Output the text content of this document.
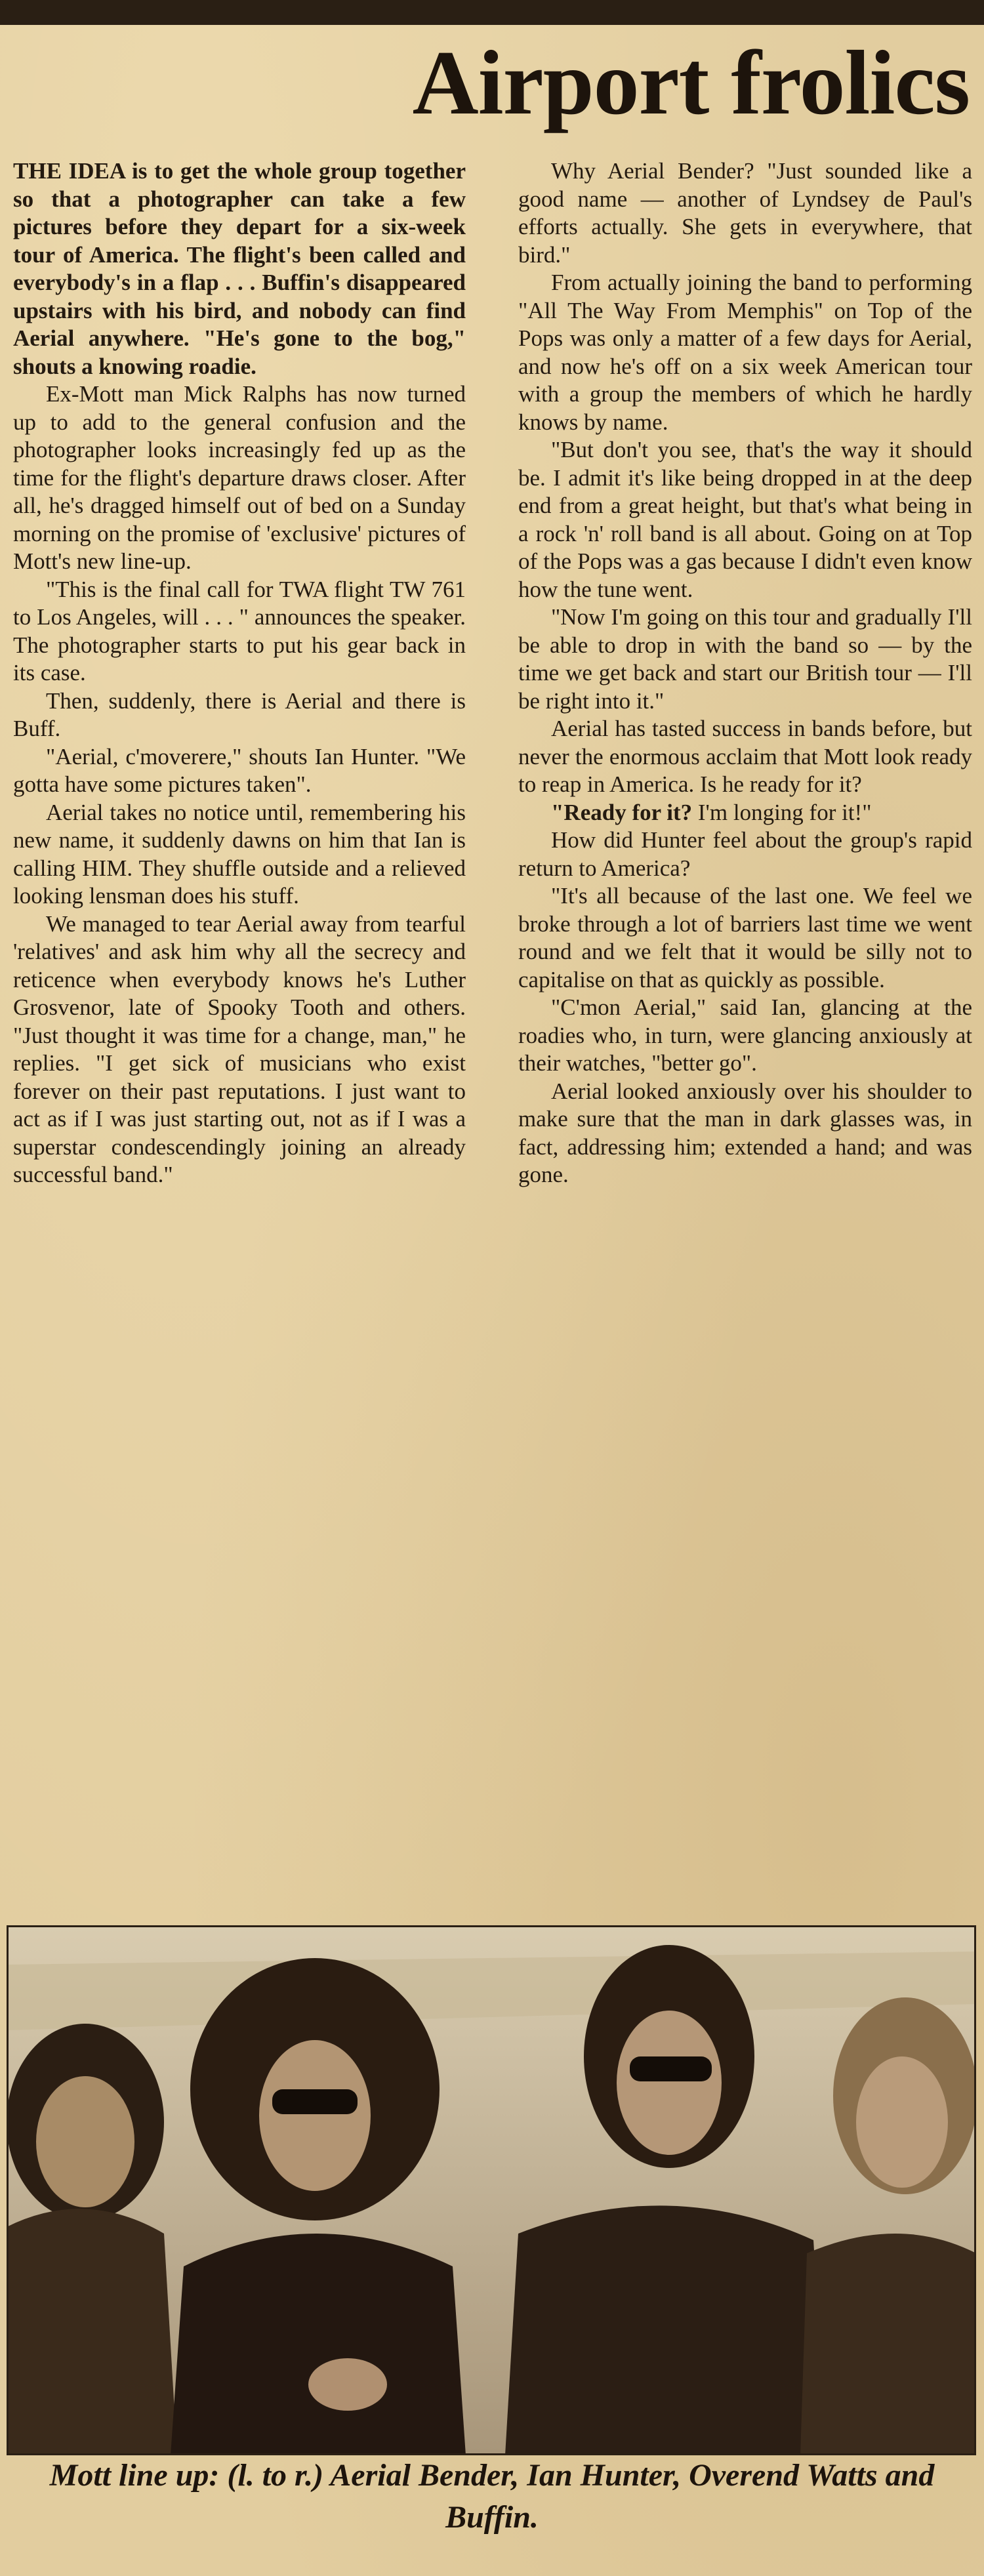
Airport frolics

THE IDEA is to get the whole group together so that a photographer can take a few pictures before they depart for a six-week tour of America. The flight's been called and everybody's in a flap . . . Buffin's disappeared upstairs with his bird, and nobody can find Aerial anywhere. "He's gone to the bog," shouts a knowing roadie.

Ex-Mott man Mick Ralphs has now turned up to add to the general confusion and the photographer looks increasingly fed up as the time for the flight's departure draws closer. After all, he's dragged himself out of bed on a Sunday morning on the promise of 'exclusive' pictures of Mott's new line-up.

"This is the final call for TWA flight TW 761 to Los Angeles, will . . . " announces the speaker. The photographer starts to put his gear back in its case.

Then, suddenly, there is Aerial and there is Buff.

"Aerial, c'moverere," shouts Ian Hunter. "We gotta have some pictures taken".

Aerial takes no notice until, remembering his new name, it suddenly dawns on him that Ian is calling HIM. They shuffle outside and a relieved looking lensman does his stuff.

We managed to tear Aerial away from tearful 'relatives' and ask him why all the secrecy and reticence when everybody knows he's Luther Grosvenor, late of Spooky Tooth and others. "Just thought it was time for a change, man," he replies. "I get sick of musicians who exist forever on their past reputations. I just want to act as if I was just starting out, not as if I was a superstar condescendingly joining an already successful band."

Why Aerial Bender? "Just sounded like a good name — another of Lyndsey de Paul's efforts actually. She gets in everywhere, that bird."

From actually joining the band to performing "All The Way From Memphis" on Top of the Pops was only a matter of a few days for Aerial, and now he's off on a six week American tour with a group the members of which he hardly knows by name.

"But don't you see, that's the way it should be. I admit it's like being dropped in at the deep end from a great height, but that's what being in a rock 'n' roll band is all about. Going on at Top of the Pops was a gas because I didn't even know how the tune went.

"Now I'm going on this tour and gradually I'll be able to drop in with the band so — by the time we get back and start our British tour — I'll be right into it."

Aerial has tasted success in bands before, but never the enormous acclaim that Mott look ready to reap in America. Is he ready for it?

"Ready for it? I'm longing for it!"

How did Hunter feel about the group's rapid return to America?

"It's all because of the last one. We feel we broke through a lot of barriers last time we went round and we felt that it would be silly not to capitalise on that as quickly as possible.

"C'mon Aerial," said Ian, glancing at the roadies who, in turn, were glancing anxiously at their watches, "better go".

Aerial looked anxiously over his shoulder to make sure that the man in dark glasses was, in fact, addressing him; extended a hand; and was gone.

Mott line up: (l. to r.) Aerial Bender, Ian Hunter, Overend Watts and Buffin.
